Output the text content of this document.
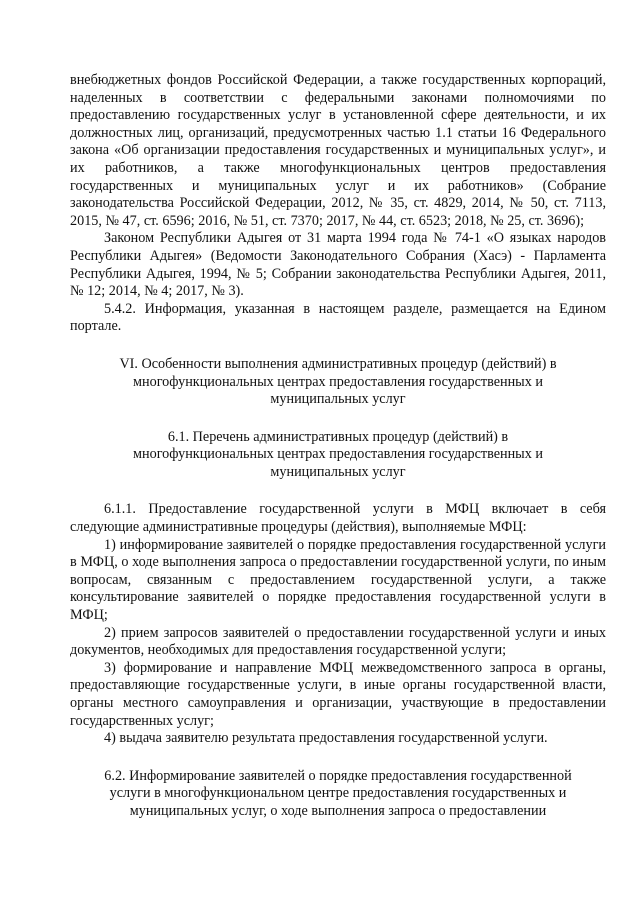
внебюджетных фондов Российской Федерации, а также государственных корпораций, наделенных в соответствии с федеральными законами полномочиями по предоставлению государственных услуг в установленной сфере деятельности, и их должностных лиц, организаций, предусмотренных частью 1.1 статьи 16 Федерального закона «Об организации предоставления государственных и муниципальных услуг», и их работников, а также многофункциональных центров предоставления государственных и муниципальных услуг и их работников» (Собрание законодательства Российской Федерации, 2012, № 35, ст. 4829, 2014, № 50, ст. 7113, 2015, № 47, ст. 6596; 2016, № 51, ст. 7370; 2017, № 44, ст. 6523; 2018, № 25, ст. 3696);

Законом Республики Адыгея от 31 марта 1994 года № 74-1 «О языках народов Республики Адыгея» (Ведомости Законодательного Собрания (Хасэ) - Парламента Республики Адыгея, 1994, № 5; Собрании законодательства Республики Адыгея, 2011, № 12; 2014, № 4; 2017, № 3).

5.4.2. Информация, указанная в настоящем разделе, размещается на Едином портале.

VI. Особенности выполнения административных процедур (действий) в

многофункциональных центрах предоставления государственных и

муниципальных услуг

6.1. Перечень административных процедур (действий) в

многофункциональных центрах предоставления государственных и

муниципальных услуг

6.1.1. Предоставление государственной услуги в МФЦ включает в себя следующие административные процедуры (действия), выполняемые МФЦ:

1) информирование заявителей о порядке предоставления государственной услуги в МФЦ, о ходе выполнения запроса о предоставлении государственной услуги, по иным вопросам, связанным с предоставлением государственной услуги, а также консультирование заявителей о порядке предоставления государственной услуги в МФЦ;

2) прием запросов заявителей о предоставлении государственной услуги и иных документов, необходимых для предоставления государственной услуги;

3) формирование и направление МФЦ межведомственного запроса в органы, предоставляющие государственные услуги, в иные органы государственной власти, органы местного самоуправления и организации, участвующие в предоставлении государственных услуг;

4) выдача заявителю результата предоставления государственной услуги.

6.2. Информирование заявителей о порядке предоставления государственной

услуги в многофункциональном центре предоставления государственных и

муниципальных услуг, о ходе выполнения запроса о предоставлении
